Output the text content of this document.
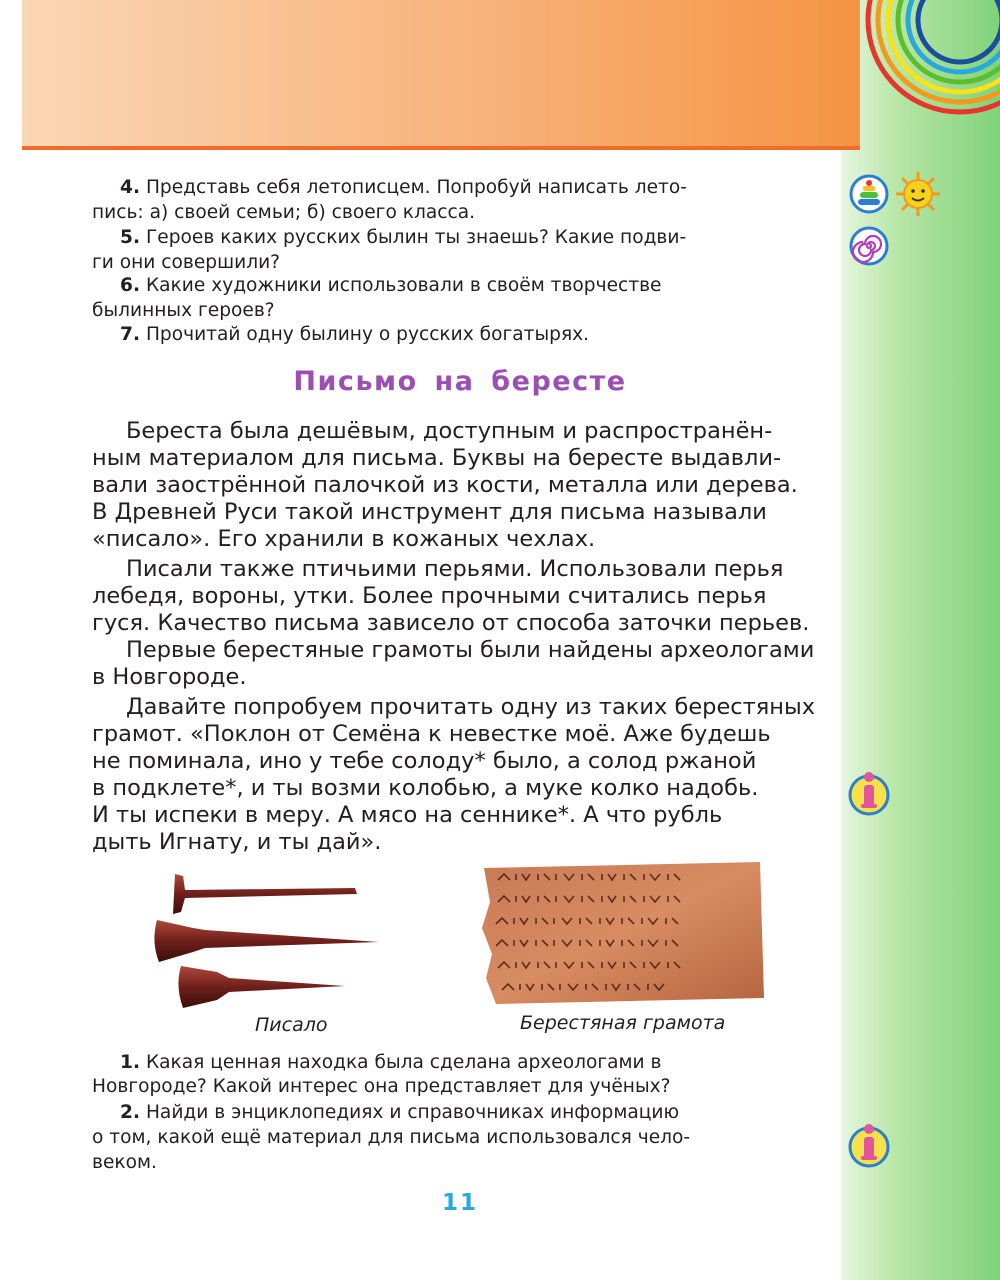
4. Представь себя летописцем. Попробуй написать лето-
пись: а) своей семьи; б) своего класса.
5. Героев каких русских былин ты знаешь? Какие подви-
ги они совершили?
6. Какие художники использовали в своём творчестве
былинных героев?
7. Прочитай одну былину о русских богатырях.
Письмо на бересте
Береста была дешёвым, доступным и распространён-
ным материалом для письма. Буквы на бересте выдавли-
вали заострённой палочкой из кости, металла или дерева.
В Древней Руси такой инструмент для письма называли
«писало». Его хранили в кожаных чехлах.
Писали также птичьими перьями. Использовали перья
лебедя, вороны, утки. Более прочными считались перья
гуся. Качество письма зависело от способа заточки перьев.
Первые берестяные грамоты были найдены археологами
в Новгороде.
Давайте попробуем прочитать одну из таких берестяных
грамот. «Поклон от Семёна к невестке моё. Аже будешь
не поминала, ино у тебе солоду* было, а солод ржаной
в подклете*, и ты возми колобью, а муке колко надобь.
И ты испеки в меру. А мясо на сеннике*. А что рубль
дыть Игнату, и ты дай».
Писало	Берестяная грамота
1. Какая ценная находка была сделана археологами в
Новгороде? Какой интерес она представляет для учёных?
2. Найди в энциклопедиях и справочниках информацию
о том, какой ещё материал для письма использовался чело-
веком.
11
